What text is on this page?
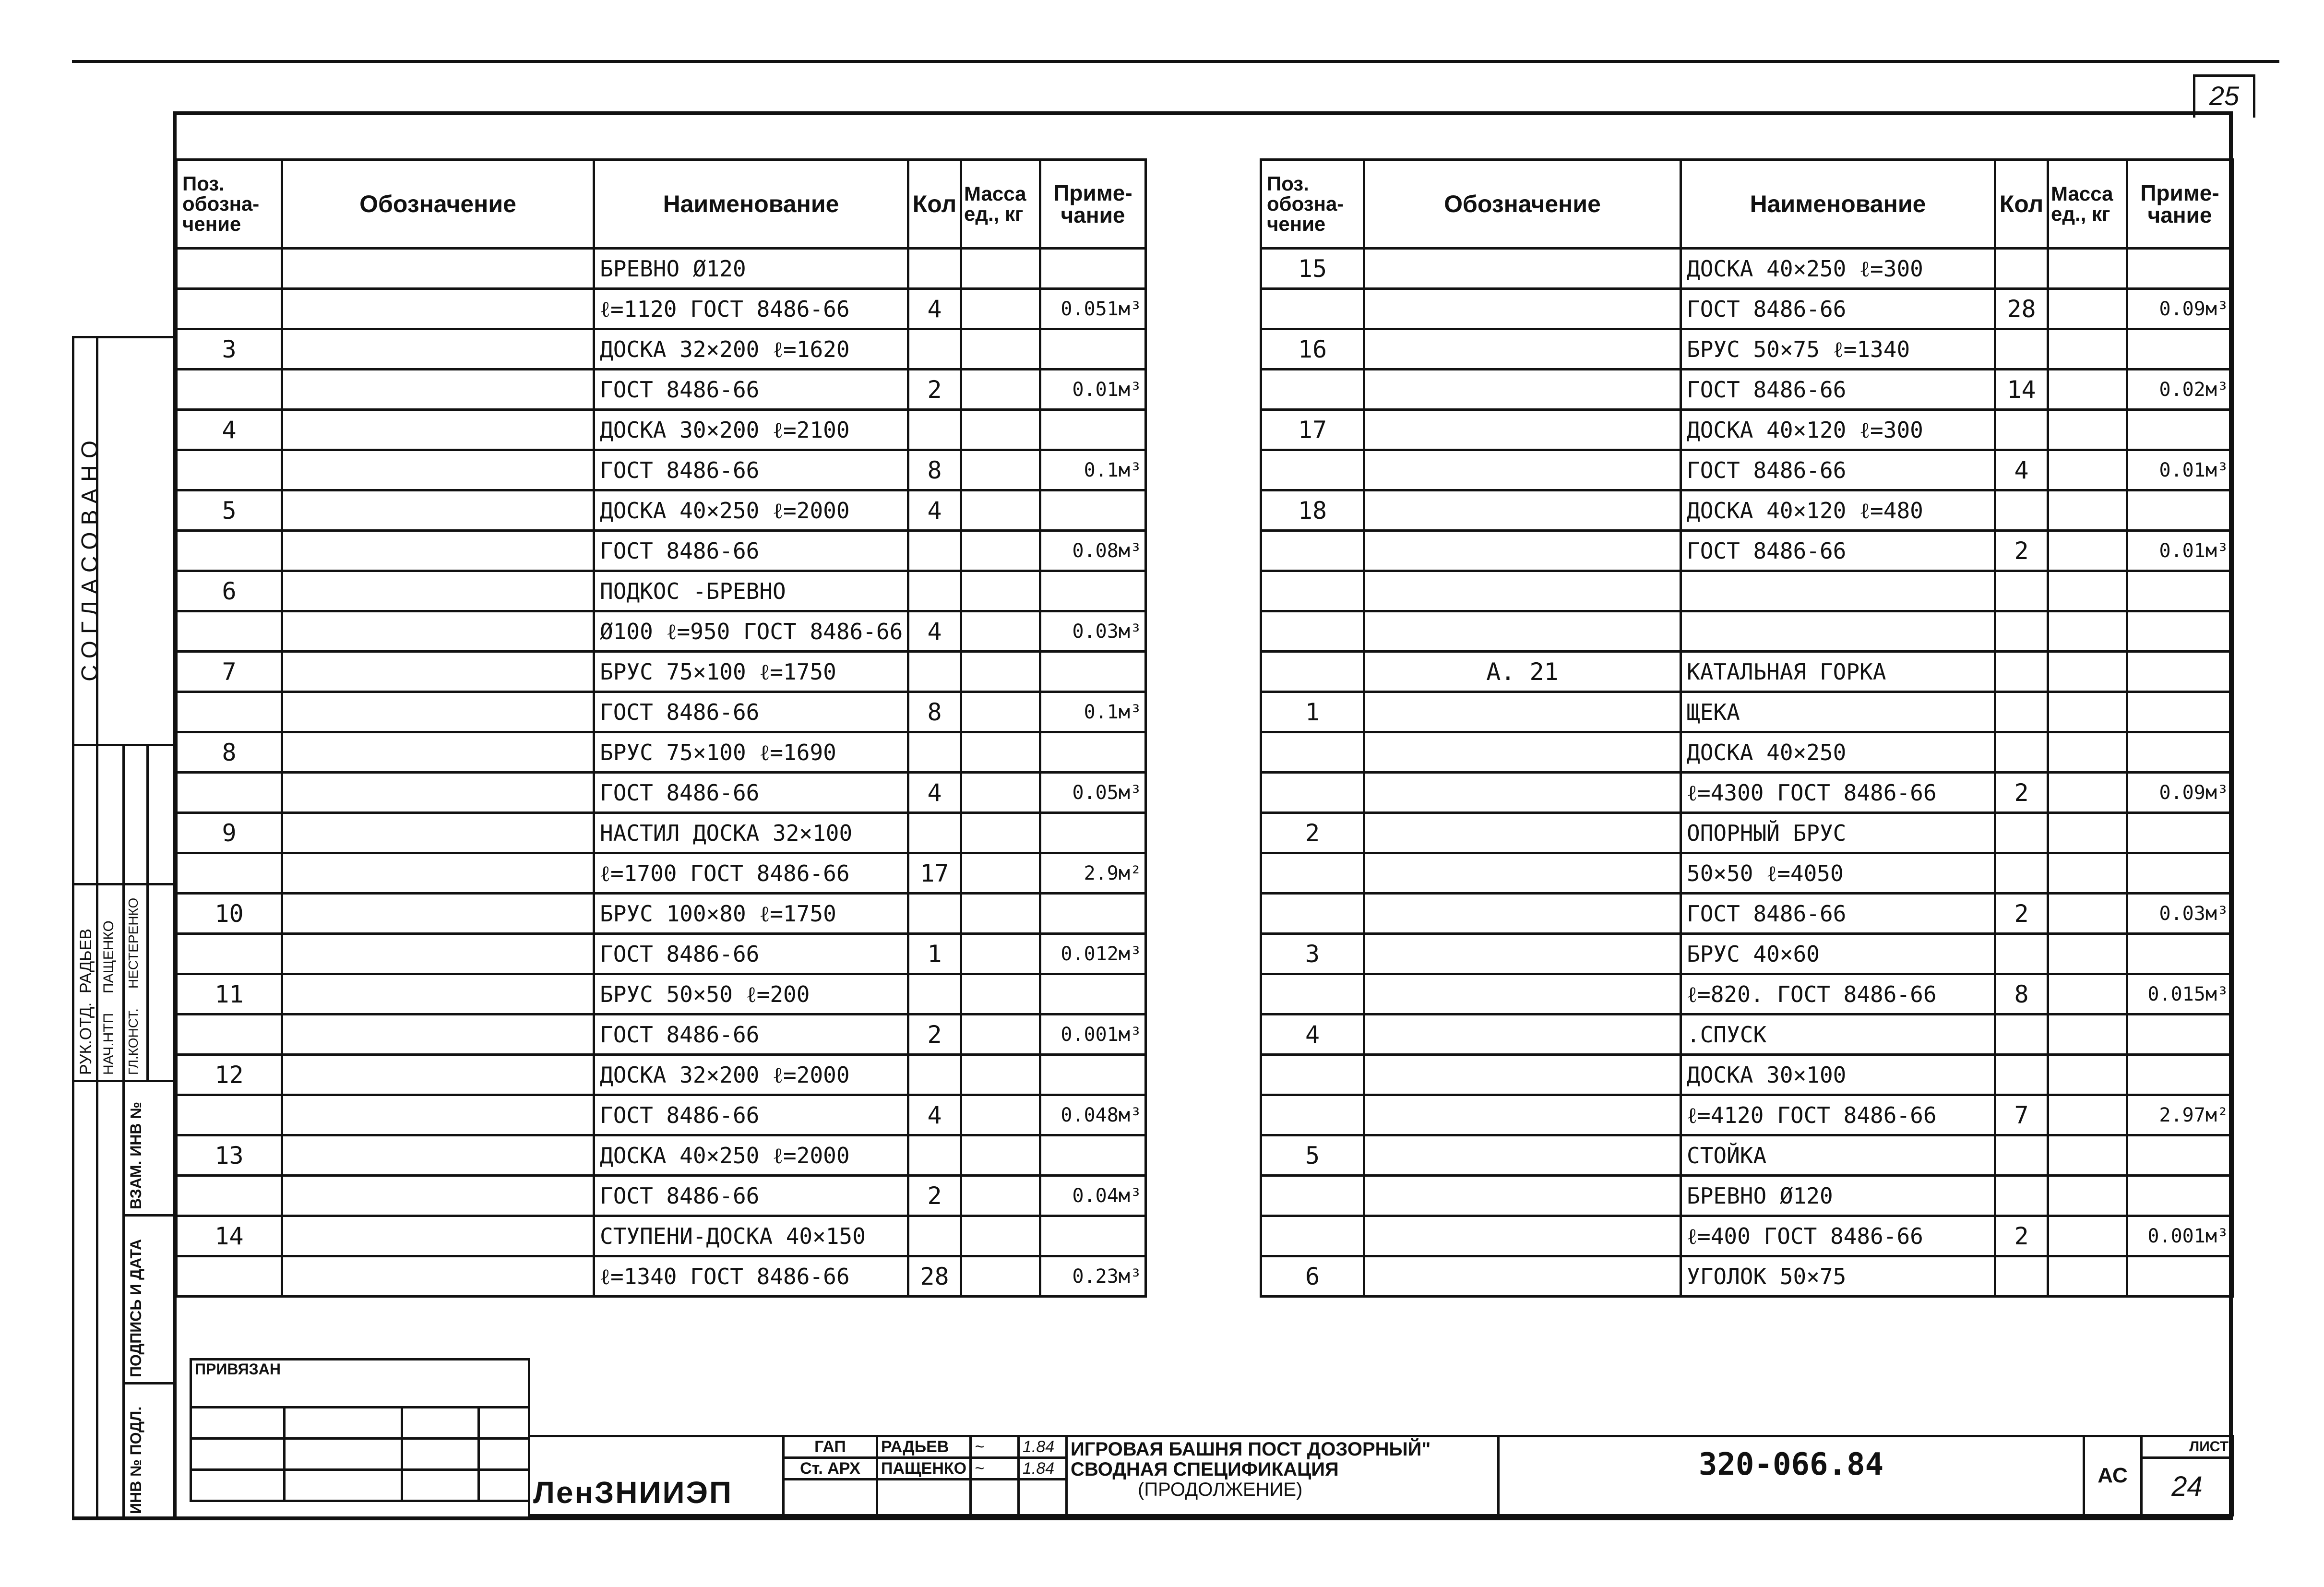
25
СОГЛАСОВАНО
РУК.ОТД.
РАДЬЕВ
НАЧ.НТП
ПАЩЕНКО
ГЛ.КОНСТ.
НЕСТЕРЕНКО
ВЗАМ. ИНВ №
ПОДПИСЬ И ДАТА
ИНВ № ПОДЛ.
Поз. обозна-чение	Обозначение	Наименование	Кол	Масса ед., кг	Приме-чание
		БРЕВНО Ø120			
		ℓ=1120 ГОСТ 8486-66	4		0.051м³
3		ДОСКА 32×200 ℓ=1620			
		ГОСТ 8486-66	2		0.01м³
4		ДОСКА 30×200 ℓ=2100			
		ГОСТ 8486-66	8		0.1м³
5		ДОСКА 40×250 ℓ=2000	4		
		ГОСТ 8486-66			0.08м³
6		ПОДКОС -БРЕВНО			
		Ø100 ℓ=950 ГОСТ 8486-66	4		0.03м³
7		БРУС 75×100 ℓ=1750			
		ГОСТ 8486-66	8		0.1м³
8		БРУС 75×100 ℓ=1690			
		ГОСТ 8486-66	4		0.05м³
9		НАСТИЛ ДОСКА 32×100			
		ℓ=1700 ГОСТ 8486-66	17		2.9м²
10		БРУС 100×80 ℓ=1750			
		ГОСТ 8486-66	1		0.012м³
11		БРУС 50×50 ℓ=200			
		ГОСТ 8486-66	2		0.001м³
12		ДОСКА 32×200 ℓ=2000			
		ГОСТ 8486-66	4		0.048м³
13		ДОСКА 40×250 ℓ=2000			
		ГОСТ 8486-66	2		0.04м³
14		СТУПЕНИ-ДОСКА 40×150			
		ℓ=1340 ГОСТ 8486-66	28		0.23м³
Поз. обозна-чение	Обозначение	Наименование	Кол	Масса ед., кг	Приме-чание
15		ДОСКА 40×250 ℓ=300			
		ГОСТ 8486-66	28		0.09м³
16		БРУС 50×75 ℓ=1340			
		ГОСТ 8486-66	14		0.02м³
17		ДОСКА 40×120 ℓ=300			
		ГОСТ 8486-66	4		0.01м³
18		ДОСКА 40×120 ℓ=480			
		ГОСТ 8486-66	2		0.01м³

	А. 21	КАТАЛЬНАЯ ГОРКА			
1		ЩЕКА			
		ДОСКА 40×250			
		ℓ=4300 ГОСТ 8486-66	2		0.09м³
2		ОПОРНЫЙ БРУС			
		50×50 ℓ=4050			
		ГОСТ 8486-66	2		0.03м³
3		БРУС 40×60			
		ℓ=820. ГОСТ 8486-66	8		0.015м³
4		.СПУСК			
		ДОСКА 30×100			
		ℓ=4120 ГОСТ 8486-66	7		2.97м²
5		СТОЙКА			
		БРЕВНО Ø120			
		ℓ=400 ГОСТ 8486-66	2		0.001м³
6		УГОЛОК 50×75			
ПРИВЯЗАН			

ЛенЗНИИЭП	ГАП	РАДЬЕВ	~	1.84	ИГРОВАЯ БАШНЯ ПОСТ ДОЗОРНЫЙ"
СВОДНАЯ СПЕЦИФИКАЦИЯ
(ПРОДОЛЖЕНИЕ)	320-066.84	АС	ЛИСТ
	Ст. АРХ	ПАЩЕНКО	~	1.84				24
